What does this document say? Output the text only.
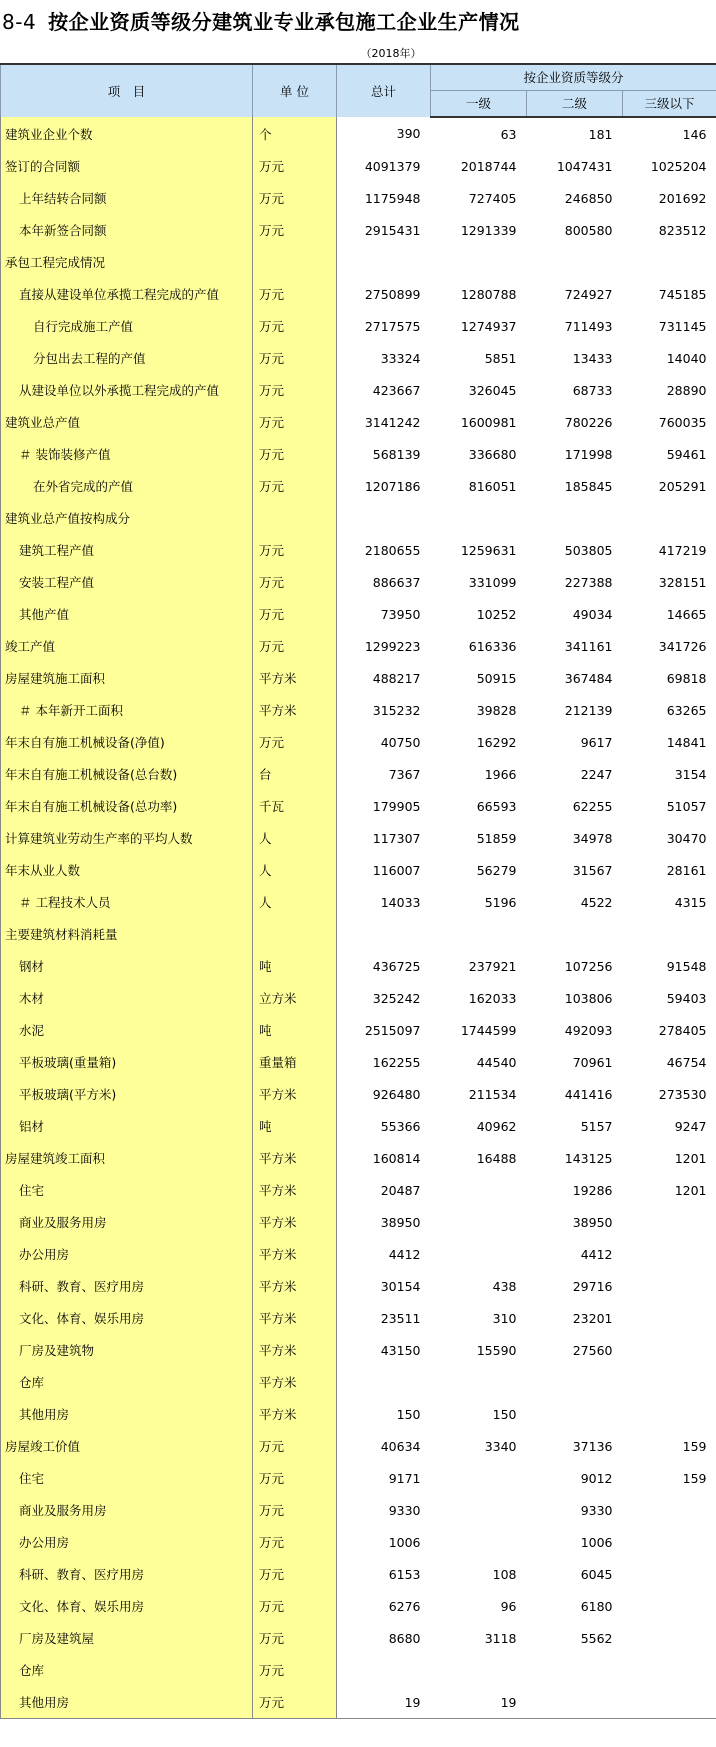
8-4 按企业资质等级分建筑业专业承包施工企业生产情况
（2018年）
项　目	单 位	总计	按企业资质等级分		
			一级	二级	三级以下
建筑业企业个数	个	390	63	181	146
签订的合同额	万元	4091379	2018744	1047431	1025204
上年结转合同额	万元	1175948	727405	246850	201692
本年新签合同额	万元	2915431	1291339	800580	823512
承包工程完成情况					
直接从建设单位承揽工程完成的产值	万元	2750899	1280788	724927	745185
自行完成施工产值	万元	2717575	1274937	711493	731145
分包出去工程的产值	万元	33324	5851	13433	14040
从建设单位以外承揽工程完成的产值	万元	423667	326045	68733	28890
建筑业总产值	万元	3141242	1600981	780226	760035
＃ 装饰装修产值	万元	568139	336680	171998	59461
在外省完成的产值	万元	1207186	816051	185845	205291
建筑业总产值按构成分					
建筑工程产值	万元	2180655	1259631	503805	417219
安装工程产值	万元	886637	331099	227388	328151
其他产值	万元	73950	10252	49034	14665
竣工产值	万元	1299223	616336	341161	341726
房屋建筑施工面积	平方米	488217	50915	367484	69818
＃ 本年新开工面积	平方米	315232	39828	212139	63265
年末自有施工机械设备(净值)	万元	40750	16292	9617	14841
年末自有施工机械设备(总台数)	台	7367	1966	2247	3154
年末自有施工机械设备(总功率)	千瓦	179905	66593	62255	51057
计算建筑业劳动生产率的平均人数	人	117307	51859	34978	30470
年末从业人数	人	116007	56279	31567	28161
＃ 工程技术人员	人	14033	5196	4522	4315
主要建筑材料消耗量					
钢材	吨	436725	237921	107256	91548
木材	立方米	325242	162033	103806	59403
水泥	吨	2515097	1744599	492093	278405
平板玻璃(重量箱)	重量箱	162255	44540	70961	46754
平板玻璃(平方米)	平方米	926480	211534	441416	273530
铝材	吨	55366	40962	5157	9247
房屋建筑竣工面积	平方米	160814	16488	143125	1201
住宅	平方米	20487		19286	1201
商业及服务用房	平方米	38950		38950	
办公用房	平方米	4412		4412	
科研、教育、医疗用房	平方米	30154	438	29716	
文化、体育、娱乐用房	平方米	23511	310	23201	
厂房及建筑物	平方米	43150	15590	27560	
仓库	平方米				
其他用房	平方米	150	150		
房屋竣工价值	万元	40634	3340	37136	159
住宅	万元	9171		9012	159
商业及服务用房	万元	9330		9330	
办公用房	万元	1006		1006	
科研、教育、医疗用房	万元	6153	108	6045	
文化、体育、娱乐用房	万元	6276	96	6180	
厂房及建筑屋	万元	8680	3118	5562	
仓库	万元				
其他用房	万元	19	19		
